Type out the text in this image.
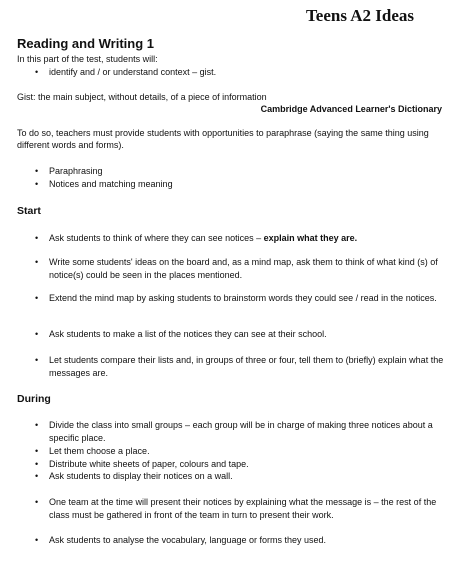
Teens A2 Ideas
Reading and Writing 1
In this part of the test, students will:
• identify and / or understand context – gist.
Gist: the main subject, without details, of a piece of information
Cambridge Advanced Learner's Dictionary
To do so, teachers must provide students with opportunities to paraphrase (saying the same thing using different words and forms).
• Paraphrasing
• Notices and matching meaning
Start
• Ask students to think of where they can see notices – explain what they are.
• Write some students' ideas on the board and, as a mind map, ask them to think of what kind (s) of notice(s) could be seen in the places mentioned.
• Extend the mind map by asking students to brainstorm words they could see / read in the notices.
• Ask students to make a list of the notices they can see at their school.
• Let students compare their lists and, in groups of three or four, tell them to (briefly) explain what the messages are.
During
• Divide the class into small groups – each group will be in charge of making three notices about a specific place.
• Let them choose a place.
• Distribute white sheets of paper, colours and tape.
• Ask students to display their notices on a wall.
• One team at the time will present their notices by explaining what the message is – the rest of the class must be gathered in front of the team in turn to present their work.
• Ask students to analyse the vocabulary, language or forms they used.
